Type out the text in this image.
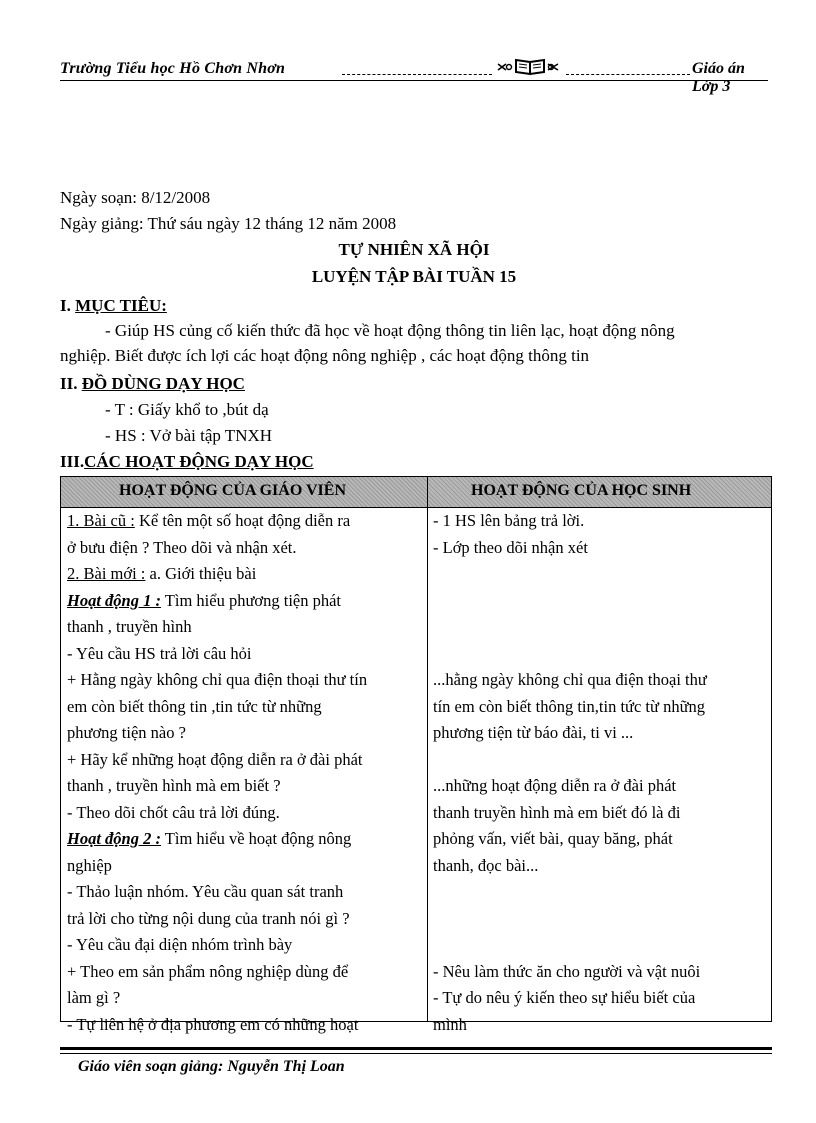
Trường Tiểu học Hồ Chơn Nhơn	Giáo án Lớp 3
Ngày soạn: 8/12/2008
Ngày giảng: Thứ sáu ngày 12 tháng 12 năm 2008
TỰ NHIÊN XÃ HỘI
LUYỆN TẬP BÀI TUẦN 15
I. MỤC TIÊU:
- Giúp HS củng cố kiến thức đã học về hoạt động thông tin liên lạc, hoạt động nông
nghiệp. Biết được ích lợi các hoạt động nông nghiệp , các hoạt động thông tin
II. ĐỒ DÙNG DẠY HỌC
- T : Giấy khổ to ,bút dạ
- HS : Vở bài tập TNXH
III.CÁC HOẠT ĐỘNG DẠY HỌC
HOẠT ĐỘNG CỦA GIÁO VIÊN	HOẠT ĐỘNG CỦA HỌC SINH
1. Bài cũ : Kể tên một số hoạt động diễn ra
ở bưu điện ? Theo dõi và nhận xét.
2. Bài mới : a. Giới thiệu bài
Hoạt động 1 : Tìm hiểu phương tiện phát
thanh , truyền hình
- Yêu cầu HS trả lời câu hỏi
+ Hằng ngày không chỉ qua điện thoại thư tín
em còn biết thông tin ,tin tức từ những
phương tiện nào ?
+ Hãy kể những hoạt động diễn ra ở đài phát
thanh , truyền hình mà em biết ?
- Theo dõi chốt câu trả lời đúng.
Hoạt động 2 : Tìm hiểu về hoạt động nông
nghiệp
- Thảo luận nhóm. Yêu cầu quan sát tranh
trả lời cho từng nội dung của tranh nói gì ?
- Yêu cầu đại diện nhóm trình bày
+ Theo em sản phẩm nông nghiệp dùng để
làm gì ?
- Tự liên hệ ở địa phương em có những hoạt
- 1 HS lên bảng trả lời.
- Lớp theo dõi nhận xét
...hằng ngày không chỉ qua điện thoại thư
tín em còn biết thông tin,tin tức từ những
phương tiện từ báo đài, ti vi ...
...những hoạt động diễn ra ở đài phát
thanh truyền hình mà em biết đó là đi
phỏng vấn, viết bài, quay băng, phát
thanh, đọc bài...
- Nêu làm thức ăn cho người và vật nuôi
- Tự do nêu ý kiến theo sự hiểu biết của
mình
Giáo viên soạn giảng: Nguyễn Thị Loan
